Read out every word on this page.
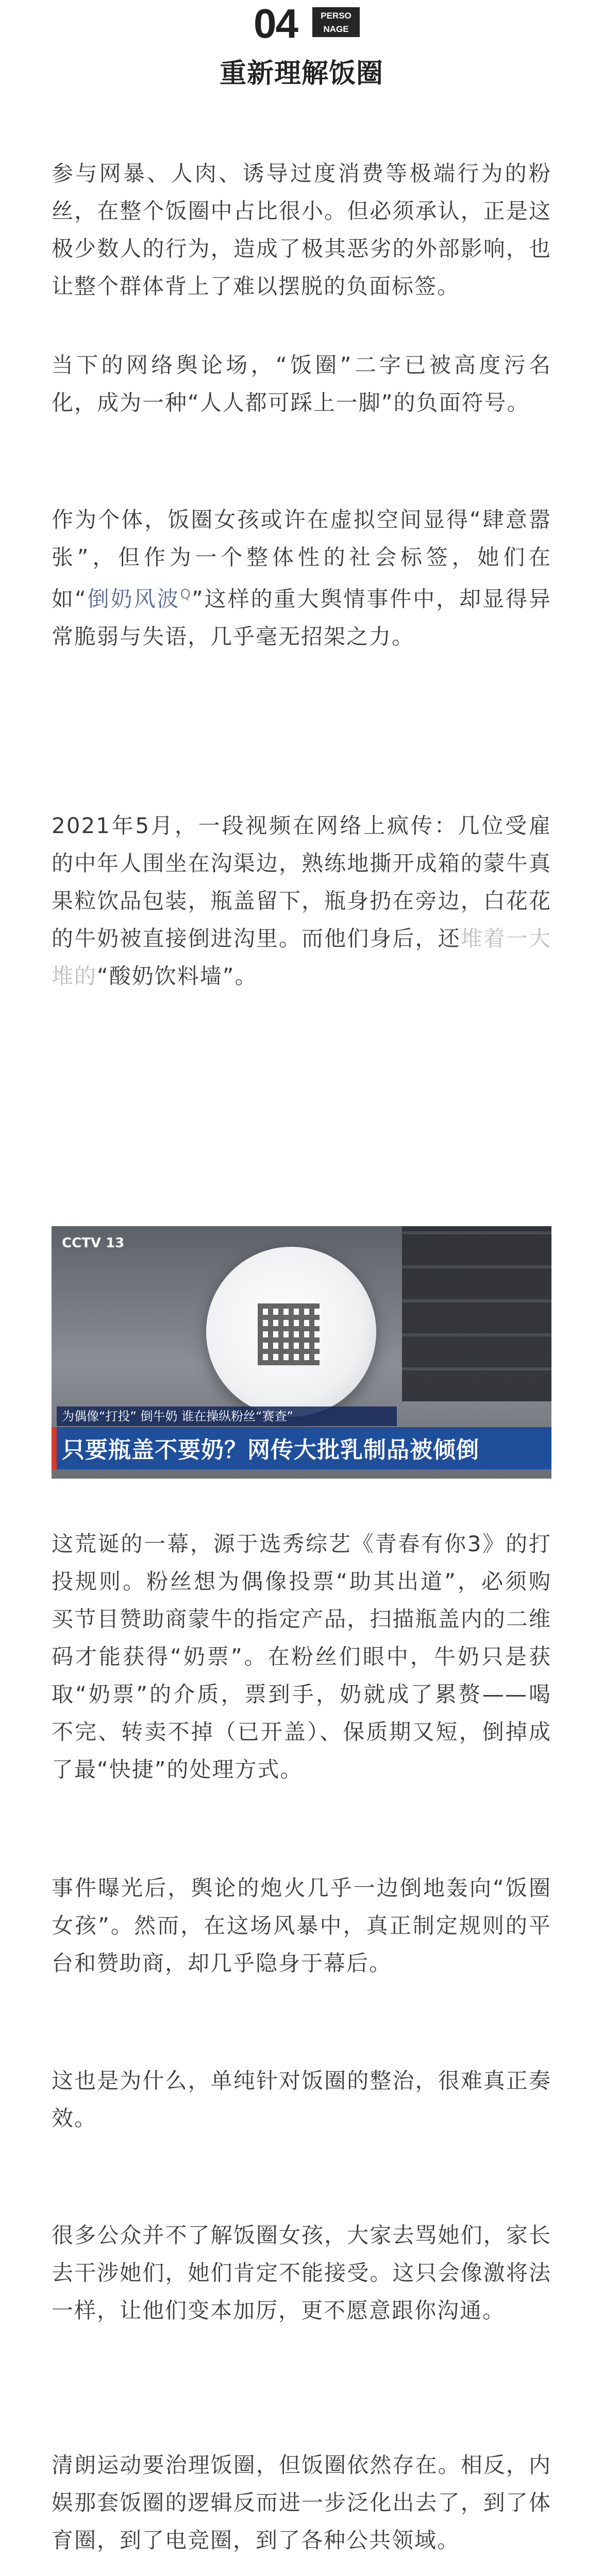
04	PERSO
NAGE
重新理解饭圈
参与网暴、人肉、诱导过度消费等极端行为的粉丝，在整个饭圈中占比很小。但必须承认，正是这极少数人的行为，造成了极其恶劣的外部影响，也让整个群体背上了难以摆脱的负面标签。
当下的网络舆论场，“饭圈”二字已被高度污名化，成为一种“人人都可踩上一脚”的负面符号。
作为个体，饭圈女孩或许在虚拟空间显得“肆意嚣张”，但作为一个整体性的社会标签，她们在如“倒奶风波$^Q$”这样的重大舆情事件中，却显得异常脆弱与失语，几乎毫无招架之力。
2021年5月，一段视频在网络上疯传：几位受雇的中年人围坐在沟渠边，熟练地撕开成箱的蒙牛真果粒饮品包装，瓶盖留下，瓶身扔在旁边，白花花的牛奶被直接倒进沟里。而他们身后，还堆着一大堆的“酸奶饮料墙”。
CCTV 13
为偶像“打投” 倒牛奶 谁在操纵粉丝“赛查”
只要瓶盖不要奶？网传大批乳制品被倾倒
这荒诞的一幕，源于选秀综艺《青春有你3》的打投规则。粉丝想为偶像投票“助其出道”，必须购买节目赞助商蒙牛的指定产品，扫描瓶盖内的二维码才能获得“奶票”。在粉丝们眼中，牛奶只是获取“奶票”的介质，票到手，奶就成了累赘——喝不完、转卖不掉（已开盖）、保质期又短，倒掉成了最“快捷”的处理方式。
事件曝光后，舆论的炮火几乎一边倒地轰向“饭圈女孩”。然而，在这场风暴中，真正制定规则的平台和赞助商，却几乎隐身于幕后。
这也是为什么，单纯针对饭圈的整治，很难真正奏效。
很多公众并不了解饭圈女孩，大家去骂她们，家长去干涉她们，她们肯定不能接受。这只会像激将法一样，让他们变本加厉，更不愿意跟你沟通。
清朗运动要治理饭圈，但饭圈依然存在。相反，内娱那套饭圈的逻辑反而进一步泛化出去了，到了体育圈，到了电竞圈，到了各种公共领域。
